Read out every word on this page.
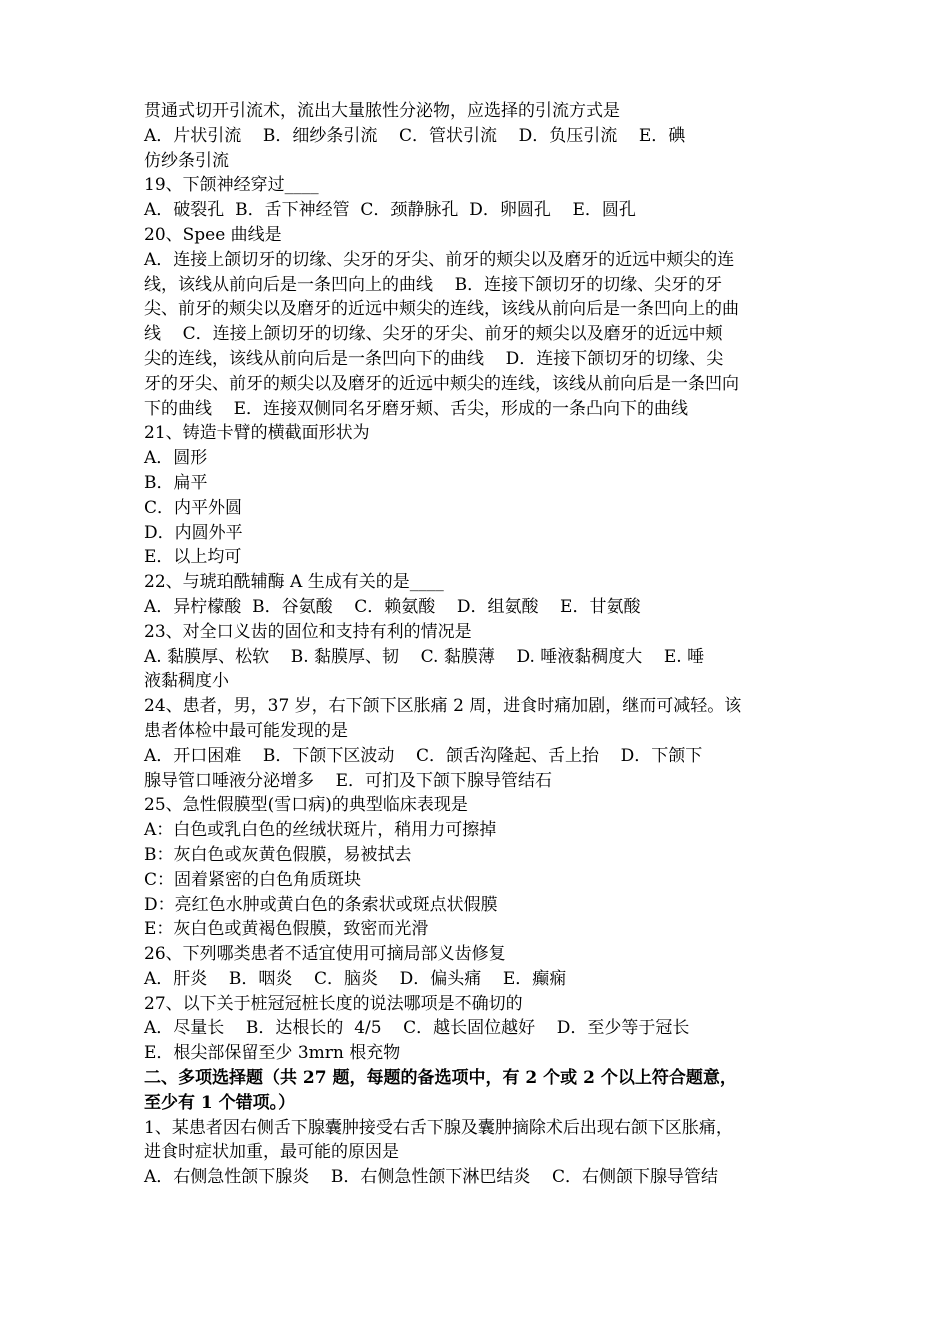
贯通式切开引流术，流出大量脓性分泌物，应选择的引流方式是
A．片状引流    B．细纱条引流    C．管状引流    D．负压引流    E．碘
仿纱条引流
19、下颌神经穿过____
A．破裂孔  B．舌下神经管  C．颈静脉孔  D．卵圆孔    E．圆孔
20、Spee 曲线是
A．连接上颌切牙的切缘、尖牙的牙尖、前牙的颊尖以及磨牙的近远中颊尖的连
线，该线从前向后是一条凹向上的曲线    B．连接下颌切牙的切缘、尖牙的牙
尖、前牙的颊尖以及磨牙的近远中颊尖的连线，该线从前向后是一条凹向上的曲
线    C．连接上颌切牙的切缘、尖牙的牙尖、前牙的颊尖以及磨牙的近远中颊
尖的连线，该线从前向后是一条凹向下的曲线    D．连接下颌切牙的切缘、尖
牙的牙尖、前牙的颊尖以及磨牙的近远中颊尖的连线，该线从前向后是一条凹向
下的曲线    E．连接双侧同名牙磨牙颊、舌尖，形成的一条凸向下的曲线
21、铸造卡臂的横截面形状为
A．圆形
B．扁平
C．内平外圆
D．内圆外平
E．以上均可
22、与琥珀酰辅酶 A 生成有关的是____
A．异柠檬酸  B．谷氨酸    C．赖氨酸    D．组氨酸    E．甘氨酸
23、对全口义齿的固位和支持有利的情况是
A. 黏膜厚、松软    B. 黏膜厚、韧    C. 黏膜薄    D. 唾液黏稠度大    E. 唾
液黏稠度小
24、患者，男，37 岁，右下颌下区胀痛 2 周，进食时痛加剧，继而可减轻。该
患者体检中最可能发现的是
A．开口困难    B．下颌下区波动    C．颌舌沟隆起、舌上抬    D．下颌下
腺导管口唾液分泌增多    E．可扪及下颌下腺导管结石
25、急性假膜型(雪口病)的典型临床表现是
A：白色或乳白色的丝绒状斑片，稍用力可擦掉
B：灰白色或灰黄色假膜，易被拭去
C：固着紧密的白色角质斑块
D：亮红色水肿或黄白色的条索状或斑点状假膜
E：灰白色或黄褐色假膜，致密而光滑
26、下列哪类患者不适宜使用可摘局部义齿修复
A．肝炎    B．咽炎    C．脑炎    D．偏头痛    E．癫痫
27、以下关于桩冠冠桩长度的说法哪项是不确切的
A．尽量长    B．达根长的  4/5    C．越长固位越好    D．至少等于冠长
E．根尖部保留至少 3mrn 根充物
二、多项选择题（共 27 题，每题的备选项中，有 2 个或 2 个以上符合题意，
至少有 1 个错项。）
1、某患者因右侧舌下腺囊肿接受右舌下腺及囊肿摘除术后出现右颌下区胀痛，
进食时症状加重，最可能的原因是
A．右侧急性颌下腺炎    B．右侧急性颌下淋巴结炎    C．右侧颌下腺导管结
